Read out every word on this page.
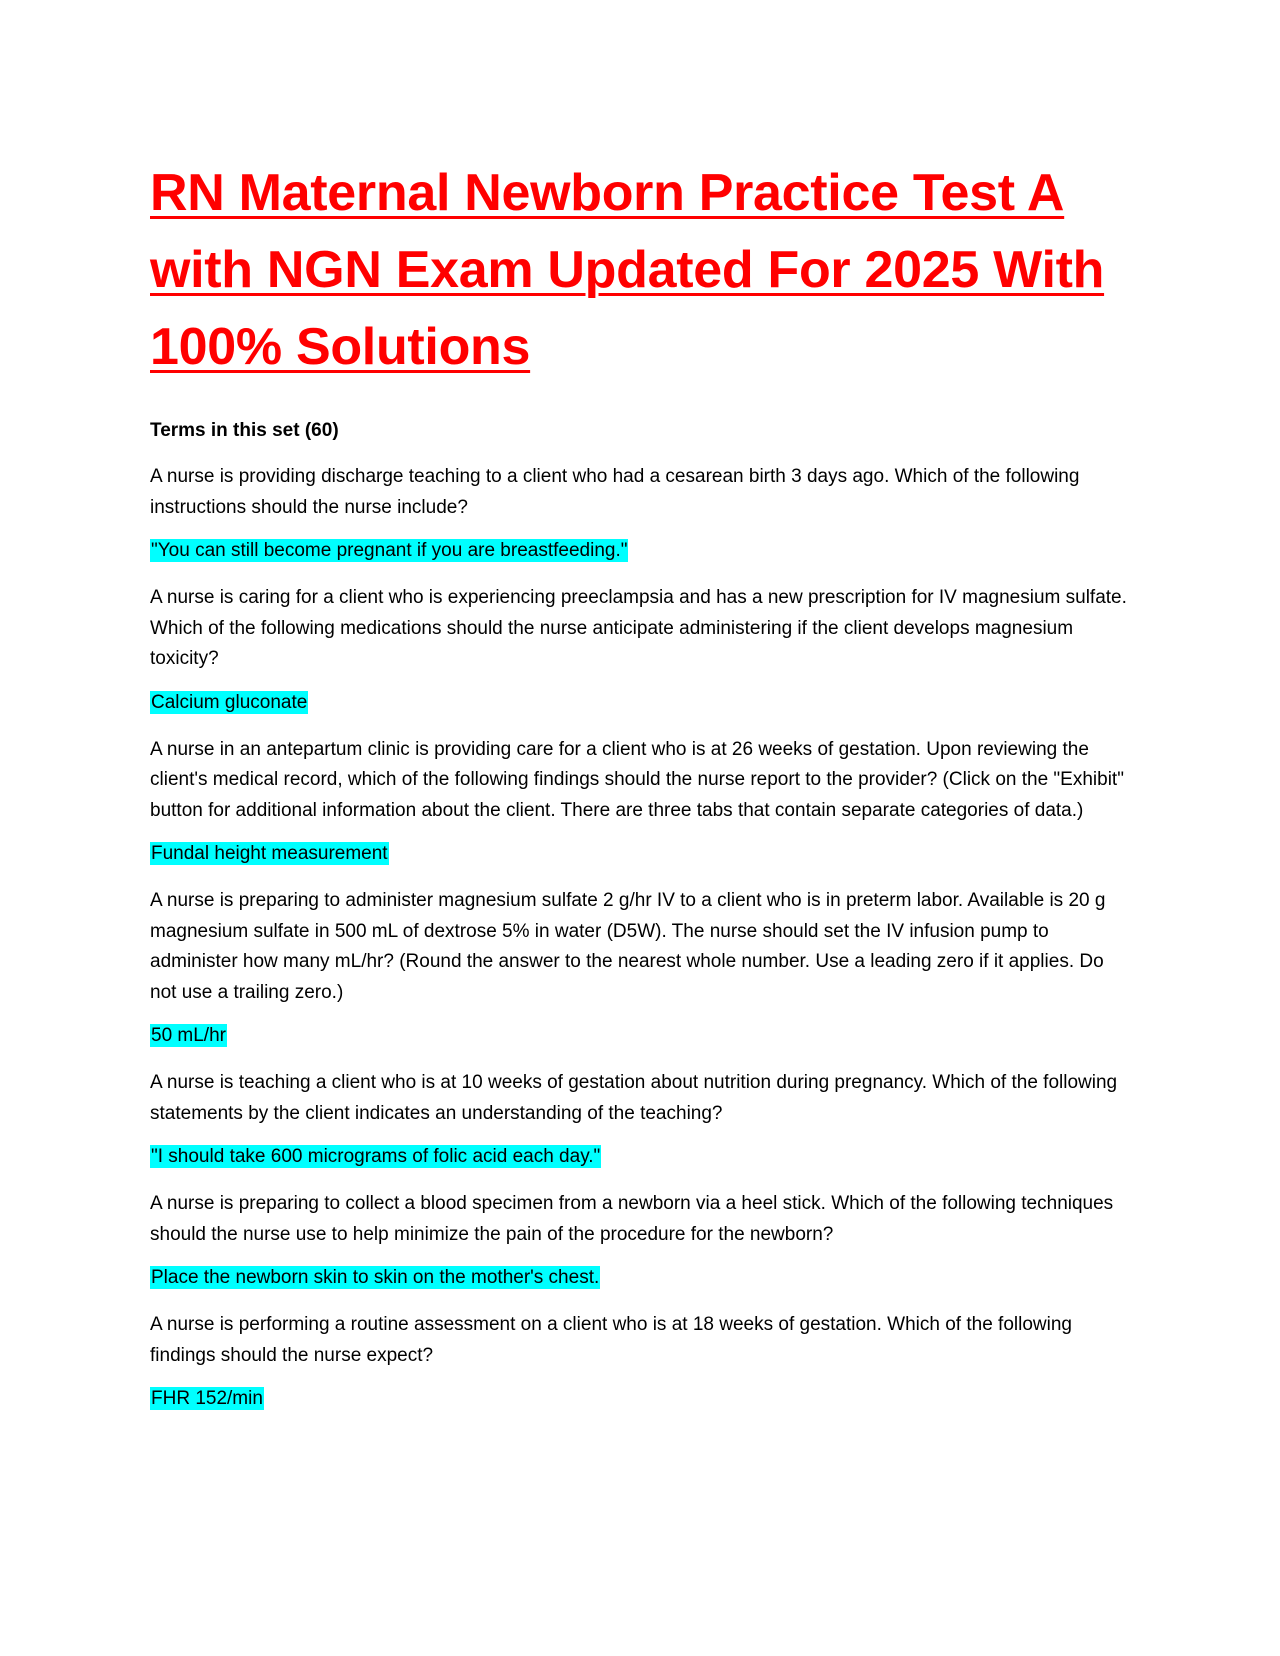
RN Maternal Newborn Practice Test A with NGN Exam Updated For 2025 With 100% Solutions
Terms in this set (60)

A nurse is providing discharge teaching to a client who had a cesarean birth 3 days ago. Which of the following instructions should the nurse include?

"You can still become pregnant if you are breastfeeding."

A nurse is caring for a client who is experiencing preeclampsia and has a new prescription for IV magnesium sulfate. Which of the following medications should the nurse anticipate administering if the client develops magnesium toxicity?

Calcium gluconate

A nurse in an antepartum clinic is providing care for a client who is at 26 weeks of gestation. Upon reviewing the client's medical record, which of the following findings should the nurse report to the provider? (Click on the "Exhibit" button for additional information about the client. There are three tabs that contain separate categories of data.)

Fundal height measurement

A nurse is preparing to administer magnesium sulfate 2 g/hr IV to a client who is in preterm labor. Available is 20 g magnesium sulfate in 500 mL of dextrose 5% in water (D5W). The nurse should set the IV infusion pump to administer how many mL/hr? (Round the answer to the nearest whole number. Use a leading zero if it applies. Do not use a trailing zero.)

50 mL/hr

A nurse is teaching a client who is at 10 weeks of gestation about nutrition during pregnancy. Which of the following statements by the client indicates an understanding of the teaching?

"I should take 600 micrograms of folic acid each day."

A nurse is preparing to collect a blood specimen from a newborn via a heel stick. Which of the following techniques should the nurse use to help minimize the pain of the procedure for the newborn?

Place the newborn skin to skin on the mother's chest.

A nurse is performing a routine assessment on a client who is at 18 weeks of gestation. Which of the following findings should the nurse expect?

FHR 152/min
